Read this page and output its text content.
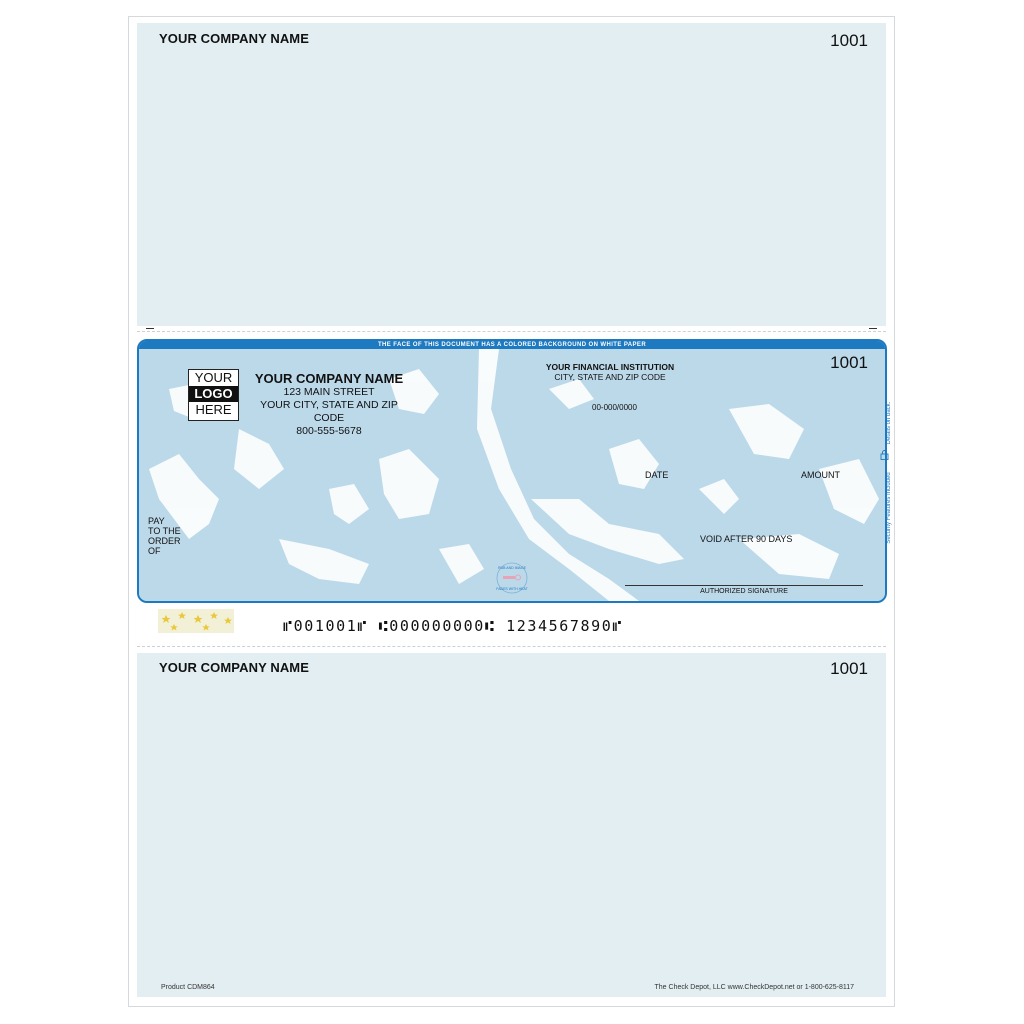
YOUR COMPANY NAME	1001
THE FACE OF THIS DOCUMENT HAS A COLORED BACKGROUND ON WHITE PAPER
YOUR
LOGO
HERE
YOUR COMPANY NAME
123 MAIN STREET
YOUR CITY, STATE AND ZIP CODE
800-555-5678
YOUR FINANCIAL INSTITUTION
CITY, STATE AND ZIP CODE
00-000/0000
1001
DATE	AMOUNT
VOID AFTER 90 DAYS
PAY
TO THE
ORDER
OF
RUB AND IMAGE
FADES WITH HEAT	AUTHORIZED SIGNATURE
Security Features Included
Details on back.
⑈001001⑈ ⑆000000000⑆ 1234567890⑈
YOUR COMPANY NAME	1001
Product CDM864	The Check Depot, LLC www.CheckDepot.net or 1-800-625-8117
